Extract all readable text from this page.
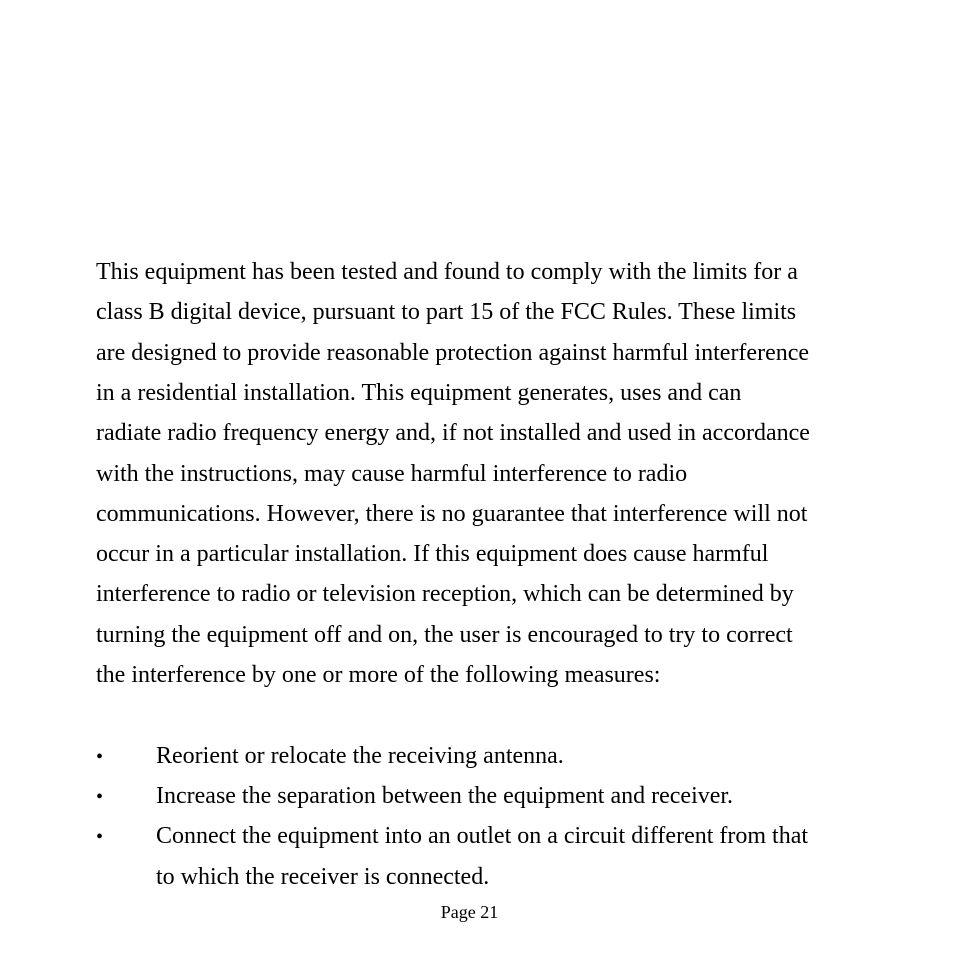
This equipment has been tested and found to comply with the limits for a
class B digital device, pursuant to part 15 of the FCC Rules. These limits
are designed to provide reasonable protection against harmful interference
in a residential installation. This equipment generates, uses and can
radiate radio frequency energy and, if not installed and used in accordance
with the instructions, may cause harmful interference to radio
communications. However, there is no guarantee that interference will not
occur in a particular installation. If this equipment does cause harmful
interference to radio or television reception, which can be determined by
turning the equipment off and on, the user is encouraged to try to correct
the interference by one or more of the following measures:
• Reorient or relocate the receiving antenna.
• Increase the separation between the equipment and receiver.
• Connect the equipment into an outlet on a circuit different from that
to which the receiver is connected.
Page 21
